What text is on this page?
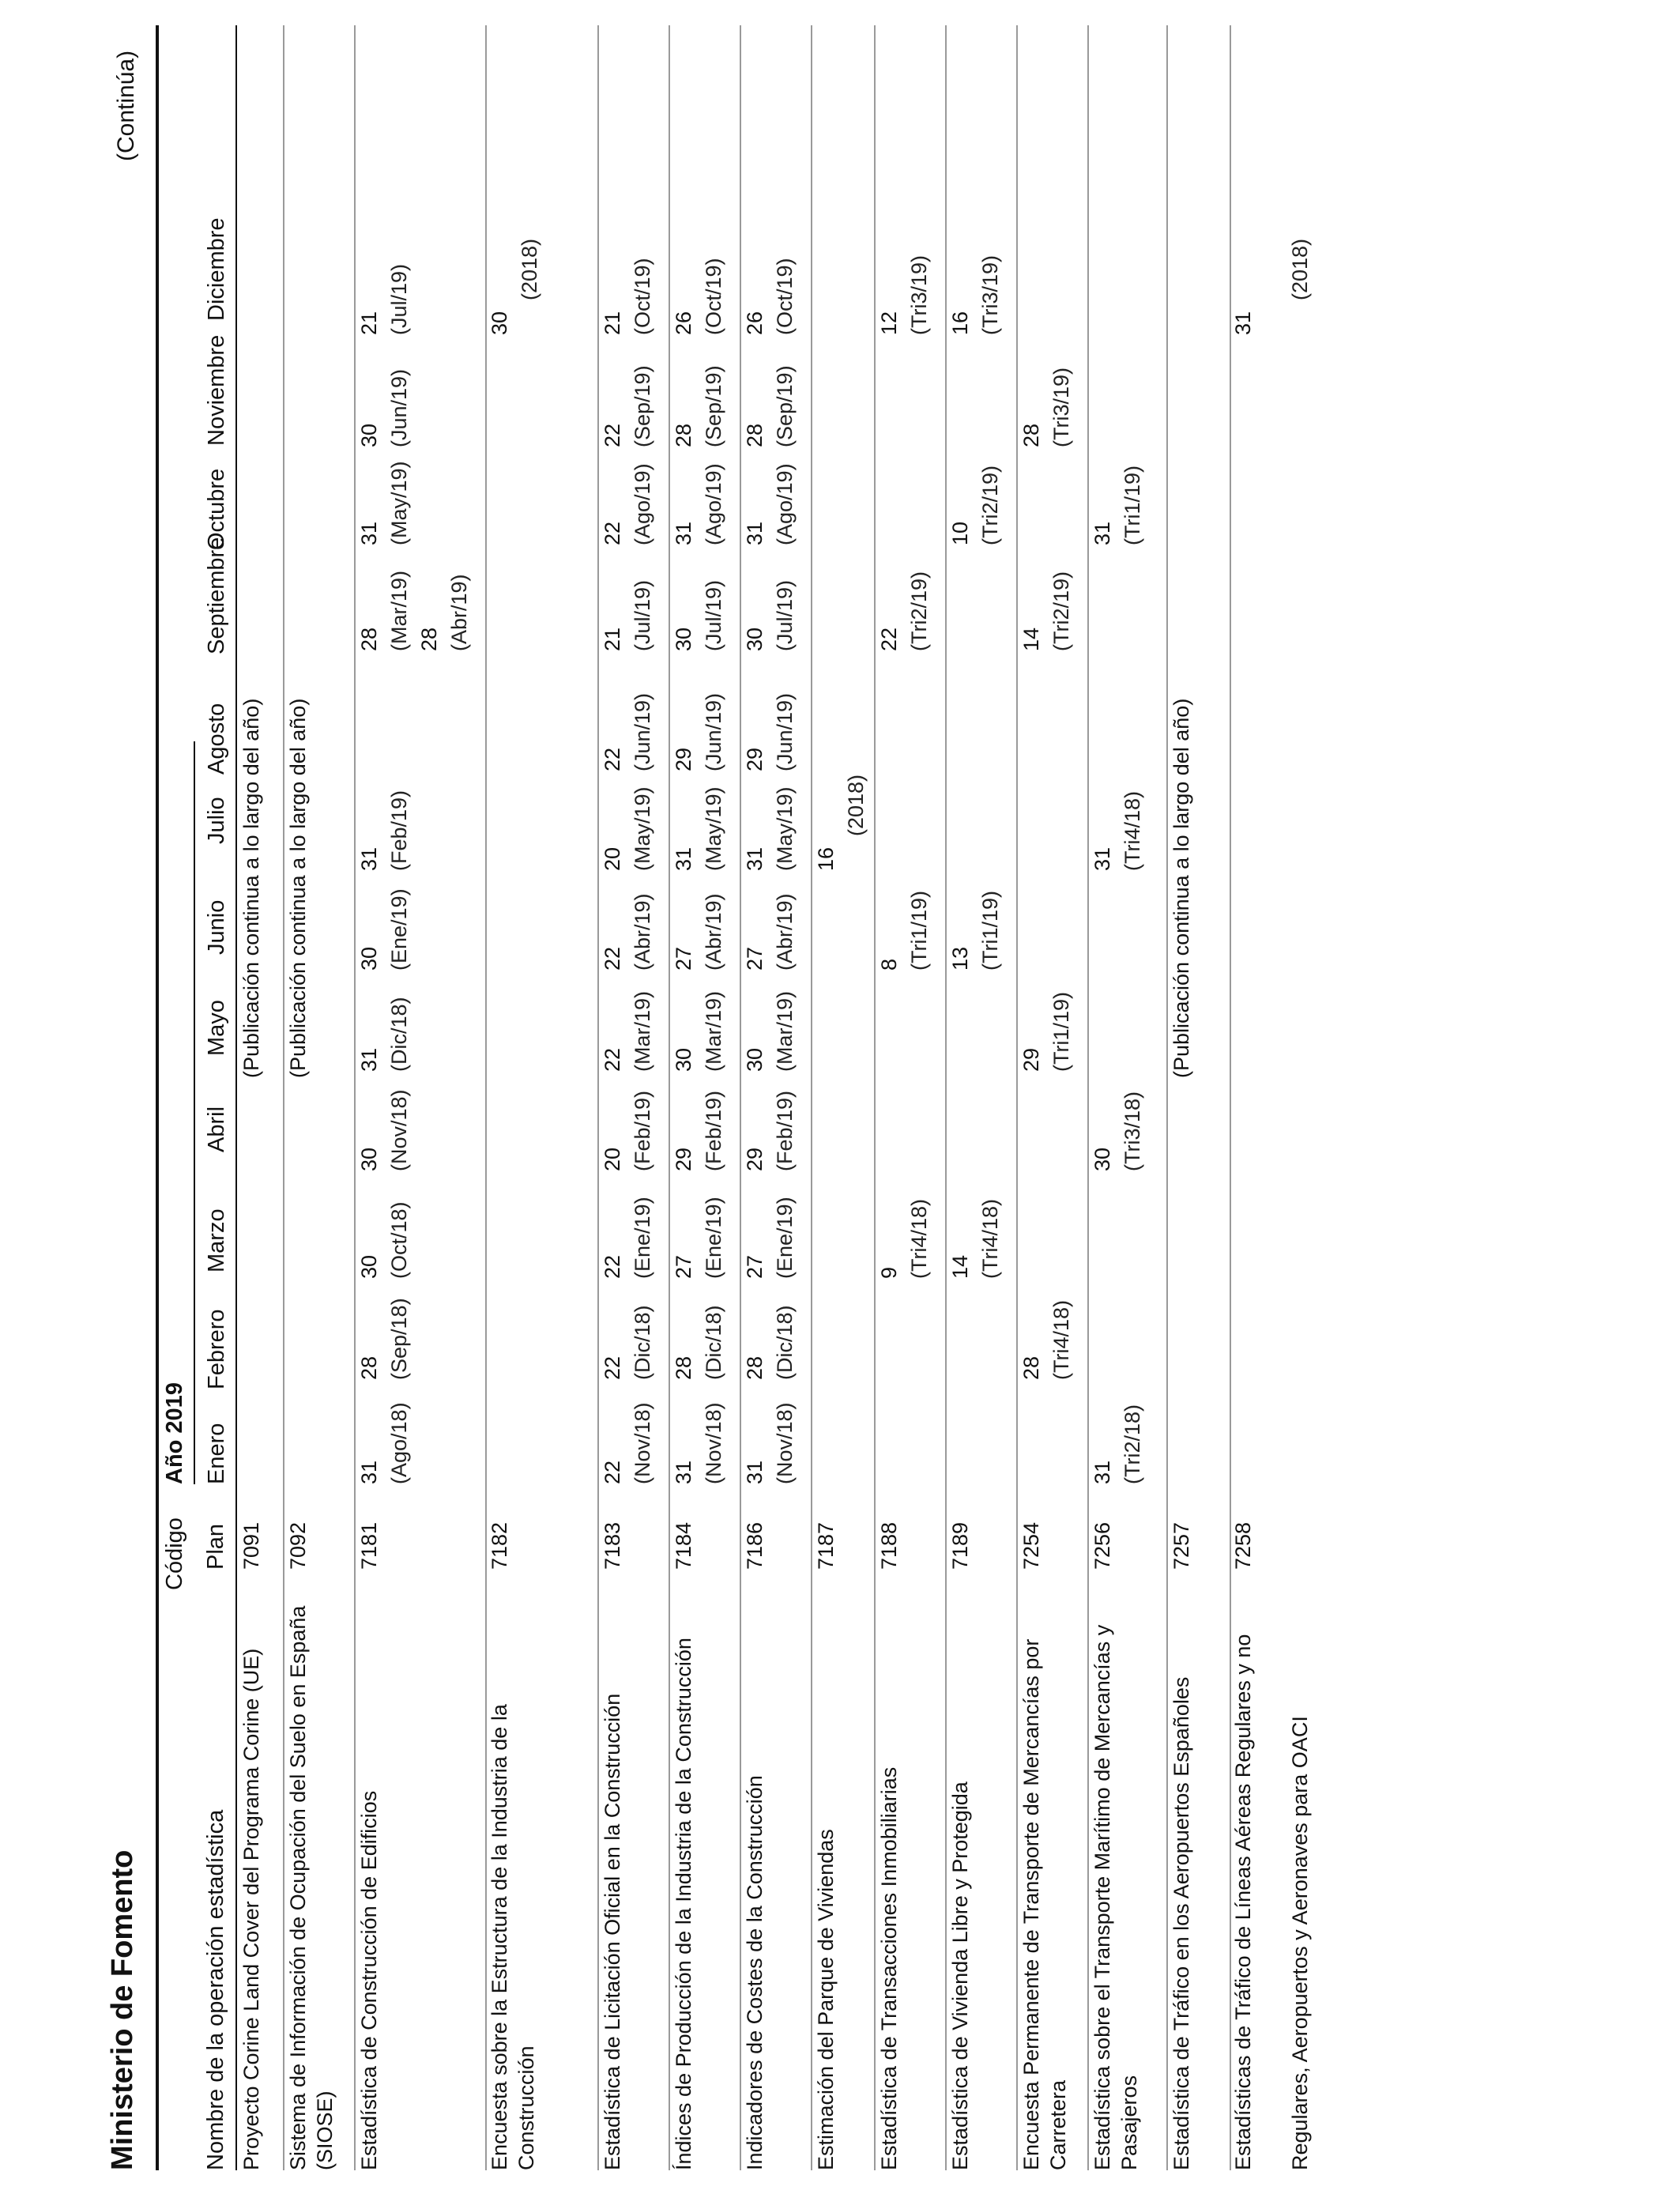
Ministerio de Fomento
(Continúa)
Nombre de la operación estadística
Código
Año 2019
Plan
Enero
Febrero
Marzo
Abril
Mayo
Junio
Julio
Agosto
Septiembre
Octubre
Noviembre
Diciembre
Proyecto Corine Land Cover del Programa Corine (UE)
7091
(Publicación continua a lo largo del año)
Sistema de Información de Ocupación del Suelo en España (SIOSE)
7092
(Publicación continua a lo largo del año)
Estadística de Construcción de Edificios
7181
31 (Ago/18)
28 (Sep/18)
30 (Oct/18)
30 (Nov/18)
31 (Dic/18)
30 (Ene/19)
31 (Feb/19)
28 (Mar/19) 28 (Abr/19)
31 (May/19)
30 (Jun/19)
21 (Jul/19)
Encuesta sobre la Estructura de la Industria de la Construcción
7182
30
(2018)
Estadística de Licitación Oficial en la Construcción
7183
22 (Nov/18)
22 (Dic/18)
22 (Ene/19)
20 (Feb/19)
22 (Mar/19)
22 (Abr/19)
20 (May/19)
22 (Jun/19)
21 (Jul/19)
22 (Ago/19)
22 (Sep/19)
21 (Oct/19)
Índices de Producción de la Industria de la Construcción
7184
31 (Nov/18)
28 (Dic/18)
27 (Ene/19)
29 (Feb/19)
30 (Mar/19)
27 (Abr/19)
31 (May/19)
29 (Jun/19)
30 (Jul/19)
31 (Ago/19)
28 (Sep/19)
26 (Oct/19)
Indicadores de Costes de la Construcción
7186
31 (Nov/18)
28 (Dic/18)
27 (Ene/19)
29 (Feb/19)
30 (Mar/19)
27 (Abr/19)
31 (May/19)
29 (Jun/19)
30 (Jul/19)
31 (Ago/19)
28 (Sep/19)
26 (Oct/19)
Estimación del Parque de Viviendas
7187
16
(2018)
Estadística de Transacciones Inmobiliarias
7188
9 (Tri4/18)
8 (Tri1/19)
22 (Tri2/19)
12 (Tri3/19)
Estadística de Vivienda Libre y Protegida
7189
14 (Tri4/18)
13 (Tri1/19)
10 (Tri2/19)
16 (Tri3/19)
Encuesta Permanente de Transporte de Mercancías por Carretera
7254
28 (Tri4/18)
29 (Tri1/19)
14 (Tri2/19)
28 (Tri3/19)
Estadística sobre el Transporte Marítimo de Mercancías y Pasajeros
7256
31 (Tri2/18)
30 (Tri3/18)
31 (Tri4/18)
31 (Tri1/19)
Estadística de Tráfico en los Aeropuertos Españoles
7257
(Publicación continua a lo largo del año)
Estadísticas de Tráfico de Líneas Aéreas Regulares y no Regulares, Aeropuertos y Aeronaves para OACI
7258
31
(2018)
